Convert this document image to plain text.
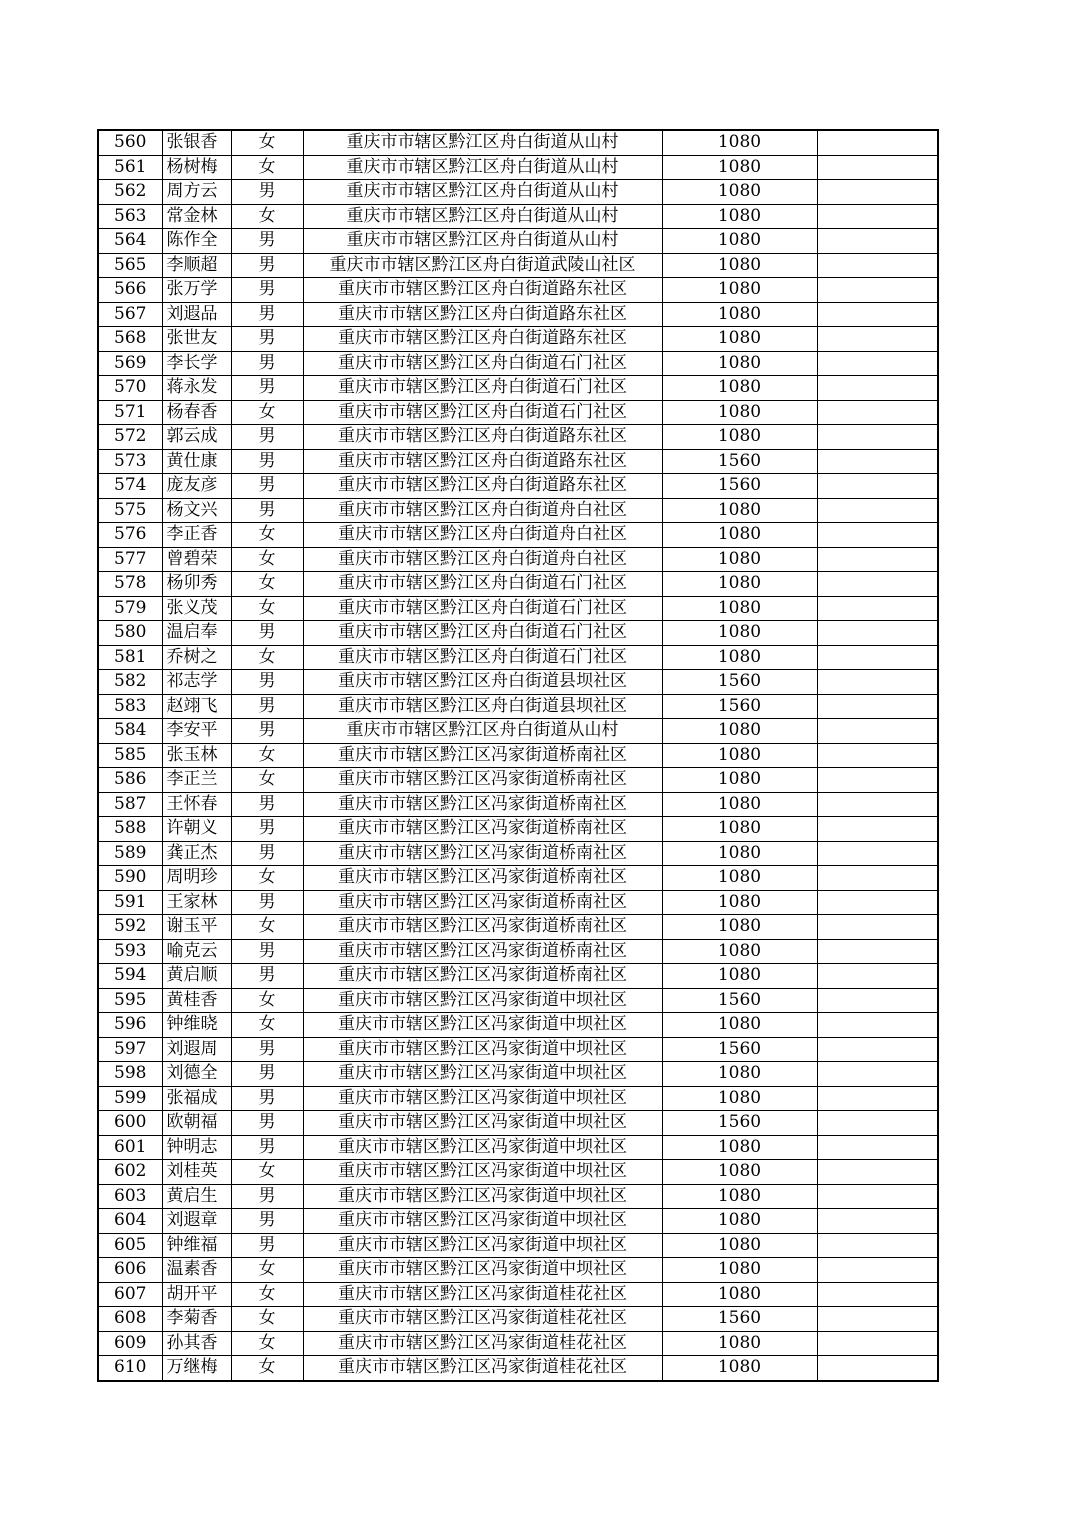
560	张银香	女	重庆市市辖区黔江区舟白街道从山村	1080	
561	杨树梅	女	重庆市市辖区黔江区舟白街道从山村	1080	
562	周方云	男	重庆市市辖区黔江区舟白街道从山村	1080	
563	常金林	女	重庆市市辖区黔江区舟白街道从山村	1080	
564	陈作全	男	重庆市市辖区黔江区舟白街道从山村	1080	
565	李顺超	男	重庆市市辖区黔江区舟白街道武陵山社区	1080	
566	张万学	男	重庆市市辖区黔江区舟白街道路东社区	1080	
567	刘遐品	男	重庆市市辖区黔江区舟白街道路东社区	1080	
568	张世友	男	重庆市市辖区黔江区舟白街道路东社区	1080	
569	李长学	男	重庆市市辖区黔江区舟白街道石门社区	1080	
570	蒋永发	男	重庆市市辖区黔江区舟白街道石门社区	1080	
571	杨春香	女	重庆市市辖区黔江区舟白街道石门社区	1080	
572	郭云成	男	重庆市市辖区黔江区舟白街道路东社区	1080	
573	黄仕康	男	重庆市市辖区黔江区舟白街道路东社区	1560	
574	庞友彦	男	重庆市市辖区黔江区舟白街道路东社区	1560	
575	杨文兴	男	重庆市市辖区黔江区舟白街道舟白社区	1080	
576	李正香	女	重庆市市辖区黔江区舟白街道舟白社区	1080	
577	曾碧荣	女	重庆市市辖区黔江区舟白街道舟白社区	1080	
578	杨卯秀	女	重庆市市辖区黔江区舟白街道石门社区	1080	
579	张义茂	女	重庆市市辖区黔江区舟白街道石门社区	1080	
580	温启奉	男	重庆市市辖区黔江区舟白街道石门社区	1080	
581	乔树之	女	重庆市市辖区黔江区舟白街道石门社区	1080	
582	祁志学	男	重庆市市辖区黔江区舟白街道县坝社区	1560	
583	赵翊飞	男	重庆市市辖区黔江区舟白街道县坝社区	1560	
584	李安平	男	重庆市市辖区黔江区舟白街道从山村	1080	
585	张玉林	女	重庆市市辖区黔江区冯家街道桥南社区	1080	
586	李正兰	女	重庆市市辖区黔江区冯家街道桥南社区	1080	
587	王怀春	男	重庆市市辖区黔江区冯家街道桥南社区	1080	
588	许朝义	男	重庆市市辖区黔江区冯家街道桥南社区	1080	
589	龚正杰	男	重庆市市辖区黔江区冯家街道桥南社区	1080	
590	周明珍	女	重庆市市辖区黔江区冯家街道桥南社区	1080	
591	王家林	男	重庆市市辖区黔江区冯家街道桥南社区	1080	
592	谢玉平	女	重庆市市辖区黔江区冯家街道桥南社区	1080	
593	喻克云	男	重庆市市辖区黔江区冯家街道桥南社区	1080	
594	黄启顺	男	重庆市市辖区黔江区冯家街道桥南社区	1080	
595	黄桂香	女	重庆市市辖区黔江区冯家街道中坝社区	1560	
596	钟维晓	女	重庆市市辖区黔江区冯家街道中坝社区	1080	
597	刘遐周	男	重庆市市辖区黔江区冯家街道中坝社区	1560	
598	刘德全	男	重庆市市辖区黔江区冯家街道中坝社区	1080	
599	张福成	男	重庆市市辖区黔江区冯家街道中坝社区	1080	
600	欧朝福	男	重庆市市辖区黔江区冯家街道中坝社区	1560	
601	钟明志	男	重庆市市辖区黔江区冯家街道中坝社区	1080	
602	刘桂英	女	重庆市市辖区黔江区冯家街道中坝社区	1080	
603	黄启生	男	重庆市市辖区黔江区冯家街道中坝社区	1080	
604	刘遐章	男	重庆市市辖区黔江区冯家街道中坝社区	1080	
605	钟维福	男	重庆市市辖区黔江区冯家街道中坝社区	1080	
606	温素香	女	重庆市市辖区黔江区冯家街道中坝社区	1080	
607	胡开平	女	重庆市市辖区黔江区冯家街道桂花社区	1080	
608	李菊香	女	重庆市市辖区黔江区冯家街道桂花社区	1560	
609	孙其香	女	重庆市市辖区黔江区冯家街道桂花社区	1080	
610	万继梅	女	重庆市市辖区黔江区冯家街道桂花社区	1080	
